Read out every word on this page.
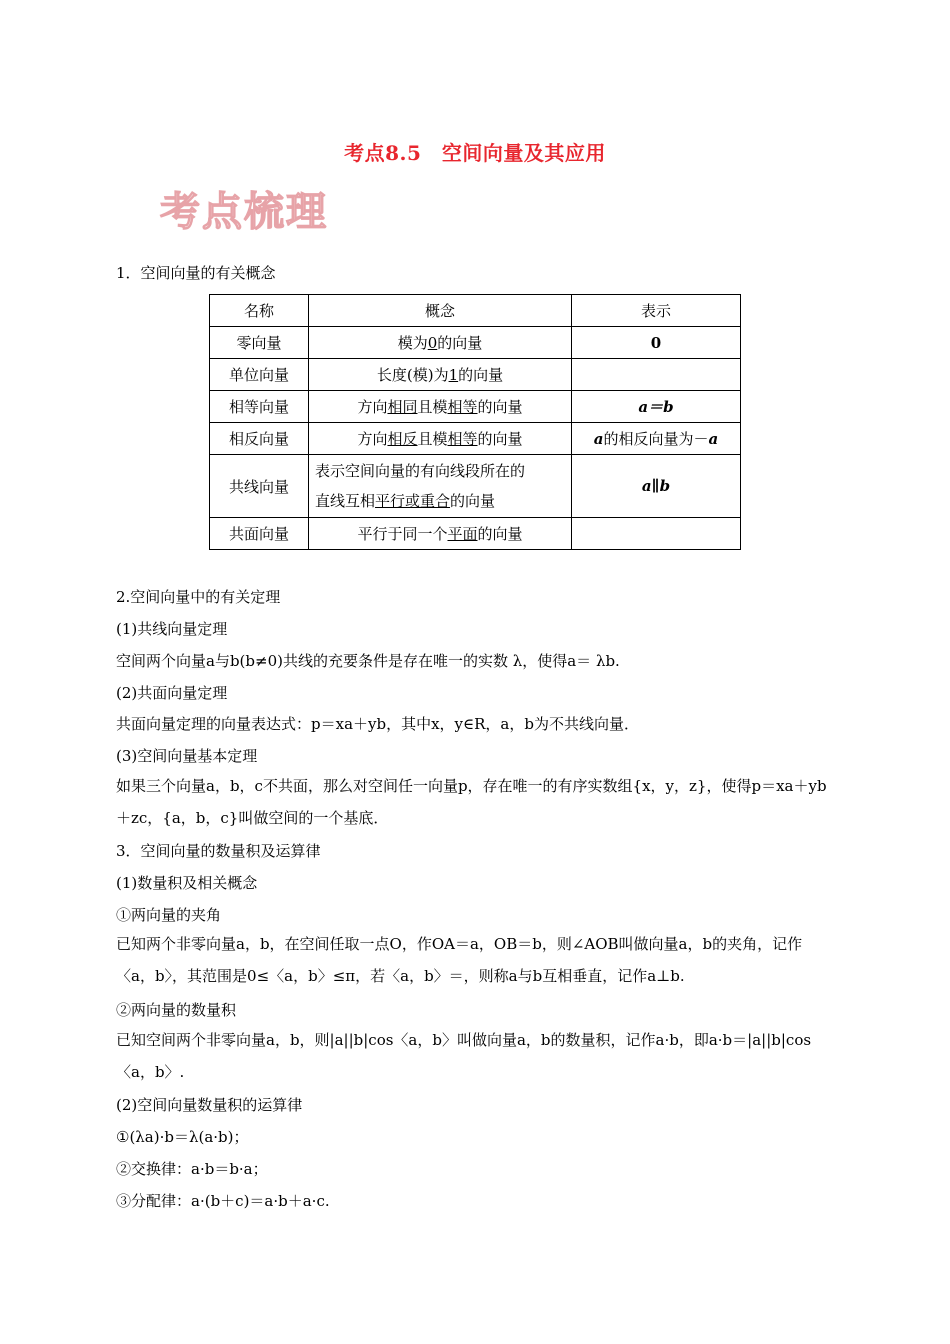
考点8.5　空间向量及其应用
考点梳理
1．空间向量的有关概念
名称	概念	表示
零向量	模为0的向量	0
单位向量	长度(模)为1的向量	
相等向量	方向相同且模相等的向量	a＝b
相反向量	方向相反且模相等的向量	a的相反向量为－a
共线向量	表示空间向量的有向线段所在的
直线互相平行或重合的向量	a∥b
共面向量	平行于同一个平面的向量	
2.空间向量中的有关定理
(1)共线向量定理
空间两个向量a与b(b≠0)共线的充要条件是存在唯一的实数 λ，使得a＝ λb.
(2)共面向量定理
共面向量定理的向量表达式：p＝xa＋yb，其中x，y∈R，a，b为不共线向量．
(3)空间向量基本定理
如果三个向量a，b，c不共面，那么对空间任一向量p，存在唯一的有序实数组{x，y，z}，使得p＝xa＋yb＋zc，{a，b，c}叫做空间的一个基底．
3．空间向量的数量积及运算律
(1)数量积及相关概念
①两向量的夹角
已知两个非零向量a，b，在空间任取一点O，作OA＝a，OB＝b，则∠AOB叫做向量a，b的夹角，记作〈a，b〉，其范围是0≤〈a，b〉≤π，若〈a，b〉＝，则称a与b互相垂直，记作a⊥b.
②两向量的数量积
已知空间两个非零向量a，b，则|a||b|cos〈a，b〉叫做向量a，b的数量积，记作a·b，即a·b＝|a||b|cos〈a，b〉.
(2)空间向量数量积的运算律
①(λa)·b＝λ(a·b)；
②交换律：a·b＝b·a；
③分配律：a·(b＋c)＝a·b＋a·c.
